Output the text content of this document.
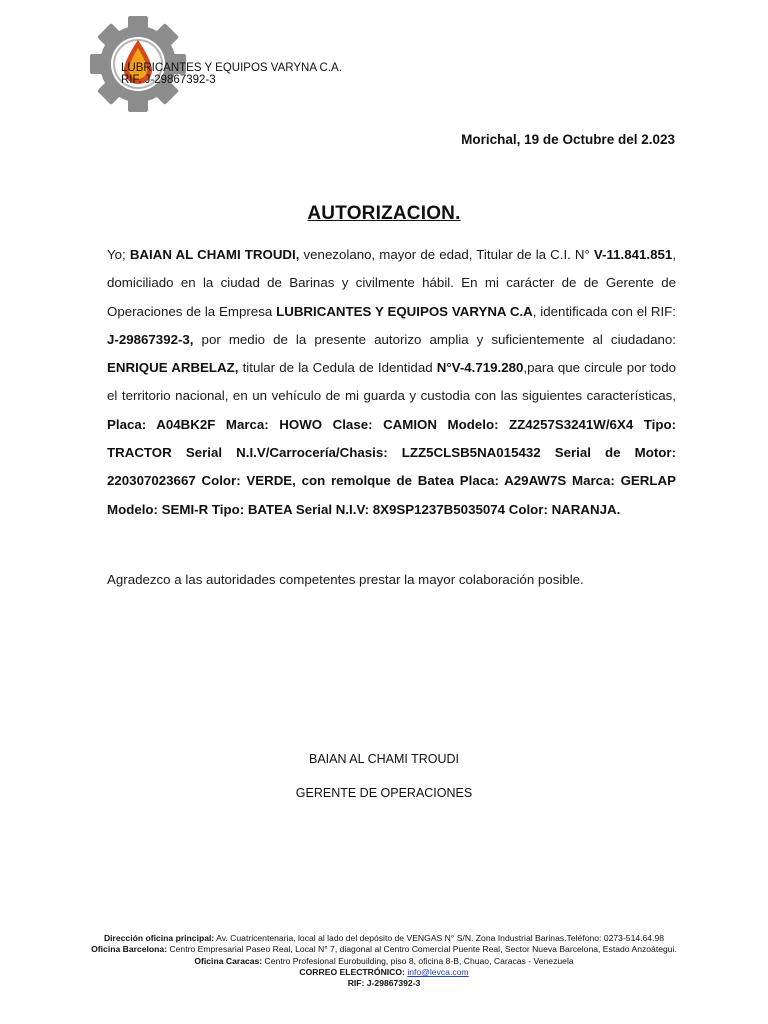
LUBRICANTES Y EQUIPOS VARYNA C.A.
RIF. J-29867392-3
Morichal, 19 de Octubre del 2.023
AUTORIZACION.
Yo; BAIAN AL CHAMI TROUDI, venezolano, mayor de edad, Titular de la C.I. N° V-11.841.851, domiciliado en la ciudad de Barinas y civilmente hábil. En mi carácter de de Gerente de Operaciones de la Empresa LUBRICANTES Y EQUIPOS VARYNA C.A, identificada con el RIF: J-29867392-3, por medio de la presente autorizo amplia y suficientemente al ciudadano: ENRIQUE ARBELAZ, titular de la Cedula de Identidad N°V-4.719.280,para que circule por todo el territorio nacional, en un vehículo de mi guarda y custodia con las siguientes características, Placa: A04BK2F Marca: HOWO Clase: CAMION Modelo: ZZ4257S3241W/6X4 Tipo: TRACTOR Serial N.I.V/Carrocería/Chasis: LZZ5CLSB5NA015432 Serial de Motor: 220307023667 Color: VERDE, con remolque de Batea Placa: A29AW7S Marca: GERLAP Modelo: SEMI-R Tipo: BATEA Serial N.I.V: 8X9SP1237B5035074 Color: NARANJA.
Agradezco a las autoridades competentes prestar la mayor colaboración posible.
BAIAN AL CHAMI TROUDI
GERENTE DE OPERACIONES
Dirección oficina principal: Av. Cuatricentenaria, local al lado del depósito de VENGAS N° S/N. Zona Industrial Barinas.Teléfono: 0273-514.64.98
Oficina Barcelona: Centro Empresarial Paseo Real, Local N° 7, diagonal al Centro Comercial Puente Real, Sector Nueva Barcelona, Estado Anzoátegui.
Oficina Caracas: Centro Profesional Eurobuilding, piso 8, oficina 8-B, Chuao, Caracas - Venezuela
CORREO ELECTRÓNICO: info@levca.com
RIF: J-29867392-3
